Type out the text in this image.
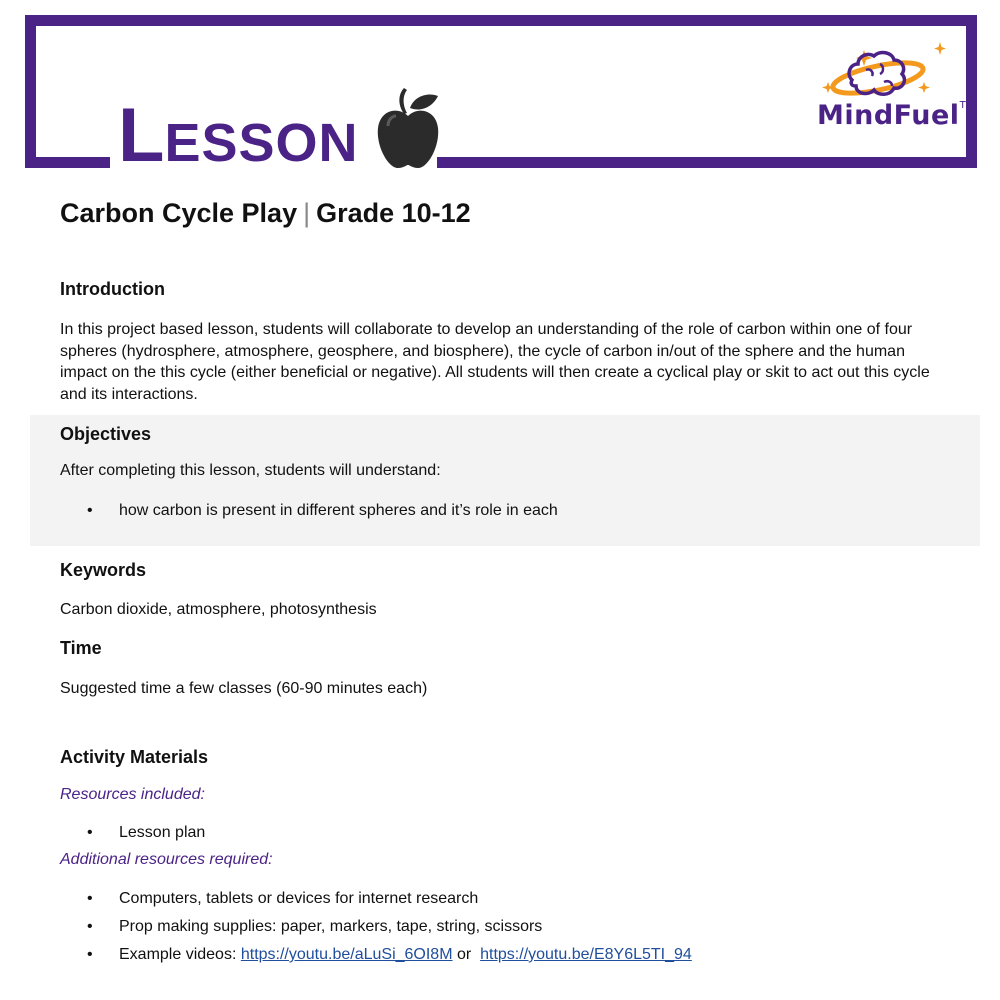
LESSON	MindFuel™
Carbon Cycle Play | Grade 10-12
Introduction
In this project based lesson, students will collaborate to develop an understanding of the role of carbon within one of four spheres (hydrosphere, atmosphere, geosphere, and biosphere), the cycle of carbon in/out of the sphere and the human impact on the this cycle (either beneficial or negative). All students will then create a cyclical play or skit to act out this cycle and its interactions.
Objectives
After completing this lesson, students will understand:
• how carbon is present in different spheres and it’s role in each
Keywords
Carbon dioxide, atmosphere, photosynthesis
Time
Suggested time a few classes (60-90 minutes each)
Activity Materials
Resources included:
• Lesson plan
Additional resources required:
• Computers, tablets or devices for internet research
• Prop making supplies: paper, markers, tape, string, scissors
• Example videos: https://youtu.be/aLuSi_6OI8M or https://youtu.be/E8Y6L5TI_94
